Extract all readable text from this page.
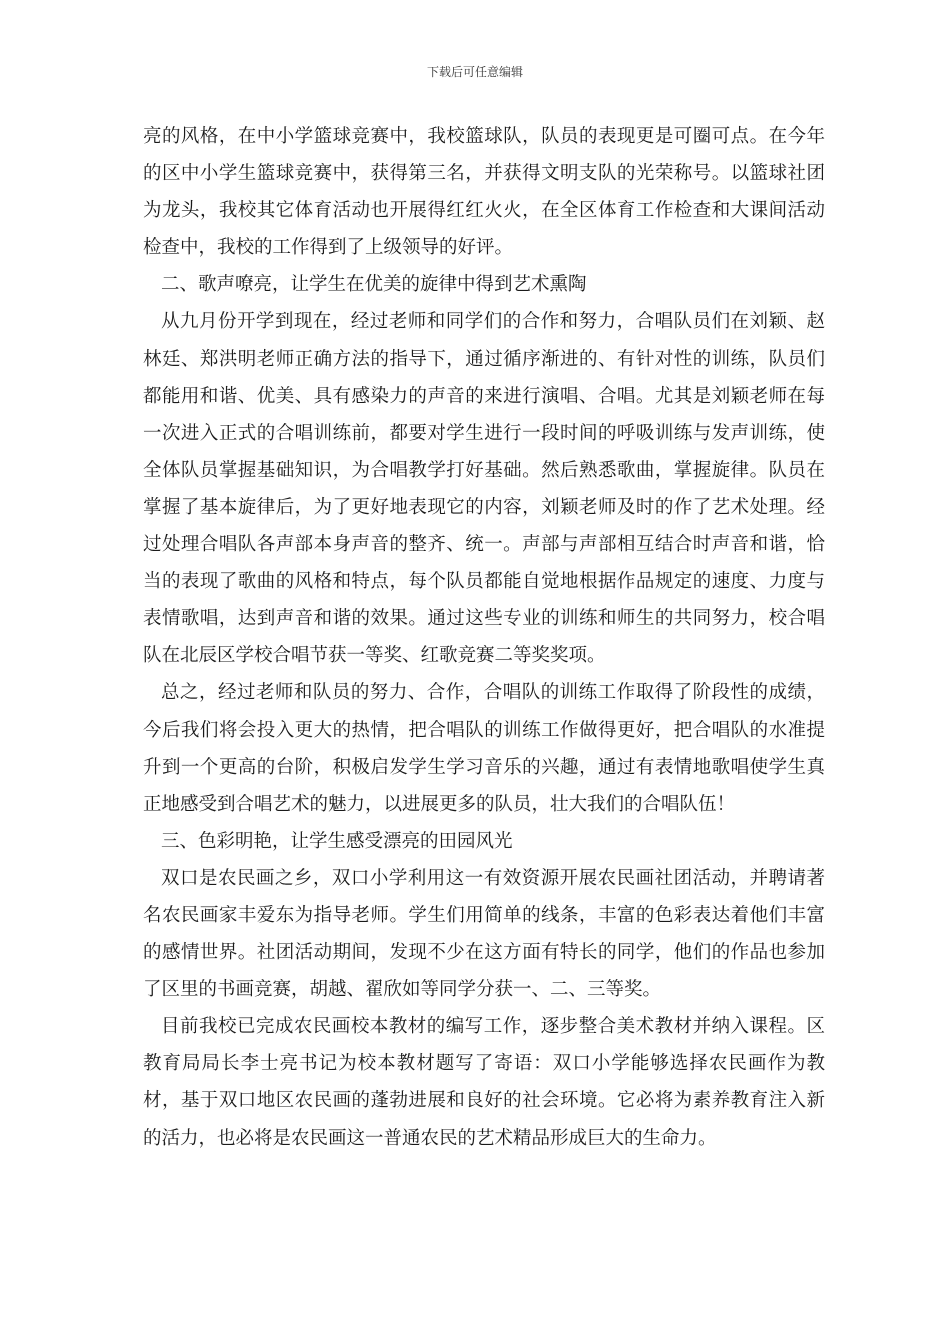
下载后可任意编辑

亮的风格，在中小学篮球竞赛中，我校篮球队，队员的表现更是可圈可点。在今年的区中小学生篮球竞赛中，获得第三名，并获得文明支队的光荣称号。以篮球社团为龙头，我校其它体育活动也开展得红红火火，在全区体育工作检查和大课间活动检查中，我校的工作得到了上级领导的好评。

二、歌声嘹亮，让学生在优美的旋律中得到艺术熏陶

从九月份开学到现在，经过老师和同学们的合作和努力，合唱队员们在刘颖、赵林廷、郑洪明老师正确方法的指导下，通过循序渐进的、有针对性的训练，队员们都能用和谐、优美、具有感染力的声音的来进行演唱、合唱。尤其是刘颖老师在每一次进入正式的合唱训练前，都要对学生进行一段时间的呼吸训练与发声训练，使全体队员掌握基础知识，为合唱教学打好基础。然后熟悉歌曲，掌握旋律。队员在掌握了基本旋律后，为了更好地表现它的内容，刘颖老师及时的作了艺术处理。经过处理合唱队各声部本身声音的整齐、统一。声部与声部相互结合时声音和谐，恰当的表现了歌曲的风格和特点，每个队员都能自觉地根据作品规定的速度、力度与表情歌唱，达到声音和谐的效果。通过这些专业的训练和师生的共同努力，校合唱队在北辰区学校合唱节获一等奖、红歌竞赛二等奖奖项。

总之，经过老师和队员的努力、合作，合唱队的训练工作取得了阶段性的成绩，今后我们将会投入更大的热情，把合唱队的训练工作做得更好，把合唱队的水准提升到一个更高的台阶，积极启发学生学习音乐的兴趣，通过有表情地歌唱使学生真正地感受到合唱艺术的魅力，以进展更多的队员，壮大我们的合唱队伍！

三、色彩明艳，让学生感受漂亮的田园风光

双口是农民画之乡，双口小学利用这一有效资源开展农民画社团活动，并聘请著名农民画家丰爱东为指导老师。学生们用简单的线条，丰富的色彩表达着他们丰富的感情世界。社团活动期间，发现不少在这方面有特长的同学，他们的作品也参加了区里的书画竞赛，胡越、翟欣如等同学分获一、二、三等奖。

目前我校已完成农民画校本教材的编写工作，逐步整合美术教材并纳入课程。区教育局局长李士亮书记为校本教材题写了寄语：双口小学能够选择农民画作为教材，基于双口地区农民画的蓬勃进展和良好的社会环境。它必将为素养教育注入新的活力，也必将是农民画这一普通农民的艺术精品形成巨大的生命力。
